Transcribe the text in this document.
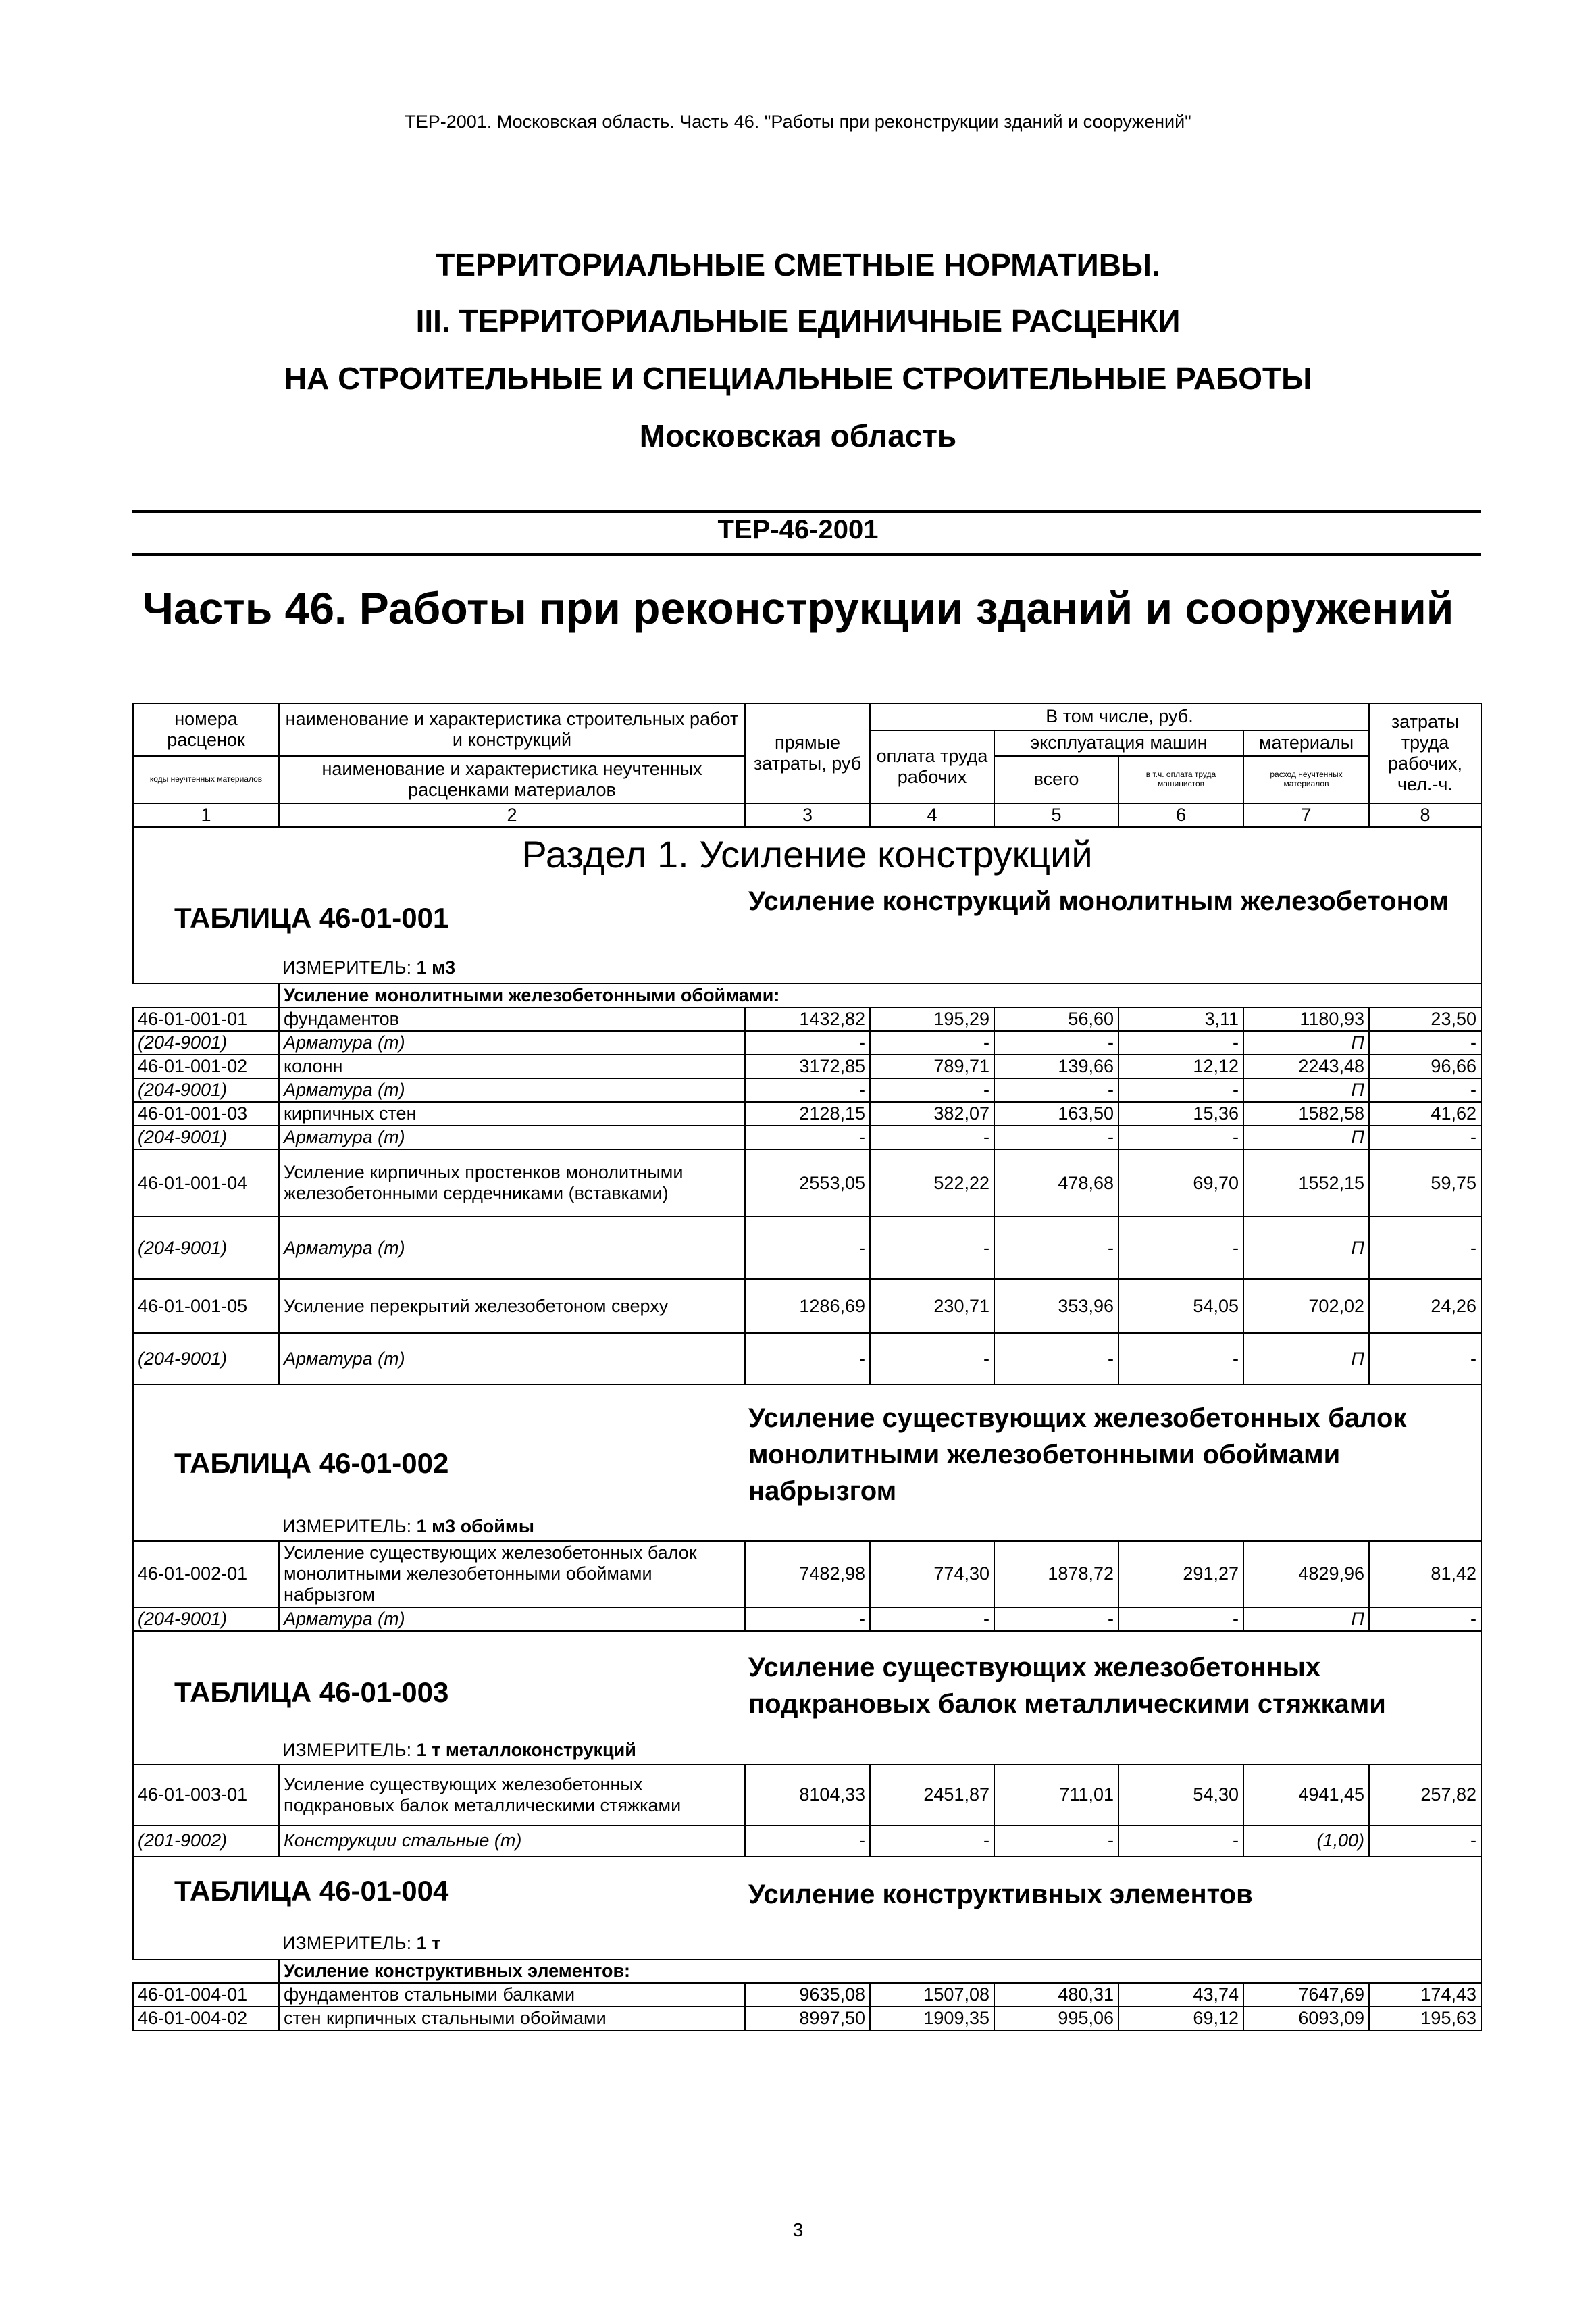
ТЕР-2001. Московская область. Часть 46. "Работы при реконструкции зданий и сооружений"
ТЕРРИТОРИАЛЬНЫЕ СМЕТНЫЕ НОРМАТИВЫ.
III. ТЕРРИТОРИАЛЬНЫЕ ЕДИНИЧНЫЕ РАСЦЕНКИ
НА СТРОИТЕЛЬНЫЕ И СПЕЦИАЛЬНЫЕ СТРОИТЕЛЬНЫЕ РАБОТЫ
Московская область
ТЕР-46-2001
Часть 46. Работы при реконструкции зданий и сооружений
номера расценок	наименование и характеристика строительных работ и конструкций	прямые затраты, руб	В том числе, руб.				затраты труда рабочих, чел.-ч.
			оплата труда рабочих	эксплуатация машин		материалы	
коды неучтенных материалов	наименование и характеристика неучтенных расценками материалов			всего	в т.ч. оплата труда машинистов	расход неучтенных материалов	
1	2	3	4	5	6	7	8

Раздел 1. Усиление конструкций
ТАБЛИЦА 46-01-001
Усиление конструкций монолитным железобетоном
ИЗМЕРИТЕЛЬ: 1 м3							

	Усиление монолитными железобетонными обоймами:						
46-01-001-01	фундаментов	1432,82	195,29	56,60	3,11	1180,93	23,50
(204-9001)	Арматура (т)	-	-	-	-	П	-
46-01-001-02	колонн	3172,85	789,71	139,66	12,12	2243,48	96,66
(204-9001)	Арматура (т)	-	-	-	-	П	-
46-01-001-03	кирпичных стен	2128,15	382,07	163,50	15,36	1582,58	41,62
(204-9001)	Арматура (т)	-	-	-	-	П	-
46-01-001-04	Усиление кирпичных простенков монолитными железобетонными сердечниками (вставками)	2553,05	522,22	478,68	69,70	1552,15	59,75
(204-9001)	Арматура (т)	-	-	-	-	П	-
46-01-001-05	Усиление перекрытий железобетоном сверху	1286,69	230,71	353,96	54,05	702,02	24,26
(204-9001)	Арматура (т)	-	-	-	-	П	-

ТАБЛИЦА 46-01-002
Усиление существующих железобетонных балок монолитными железобетонными обоймами набрызгом
ИЗМЕРИТЕЛЬ: 1 м3 обоймы							

46-01-002-01	Усиление существующих железобетонных балок монолитными железобетонными обоймами набрызгом	7482,98	774,30	1878,72	291,27	4829,96	81,42
(204-9001)	Арматура (т)	-	-	-	-	П	-

ТАБЛИЦА 46-01-003
Усиление существующих железобетонных подкрановых балок металлическими стяжками
ИЗМЕРИТЕЛЬ: 1 т металлоконструкций							

46-01-003-01	Усиление существующих железобетонных подкрановых балок металлическими стяжками	8104,33	2451,87	711,01	54,30	4941,45	257,82
(201-9002)	Конструкции стальные (т)	-	-	-	-	(1,00)	-

ТАБЛИЦА 46-01-004 Усиление конструктивных элементов
ИЗМЕРИТЕЛЬ: 1 т							

	Усиление конструктивных элементов:						
46-01-004-01	фундаментов стальными балками	9635,08	1507,08	480,31	43,74	7647,69	174,43
46-01-004-02	стен кирпичных стальными обоймами	8997,50	1909,35	995,06	69,12	6093,09	195,63
3
